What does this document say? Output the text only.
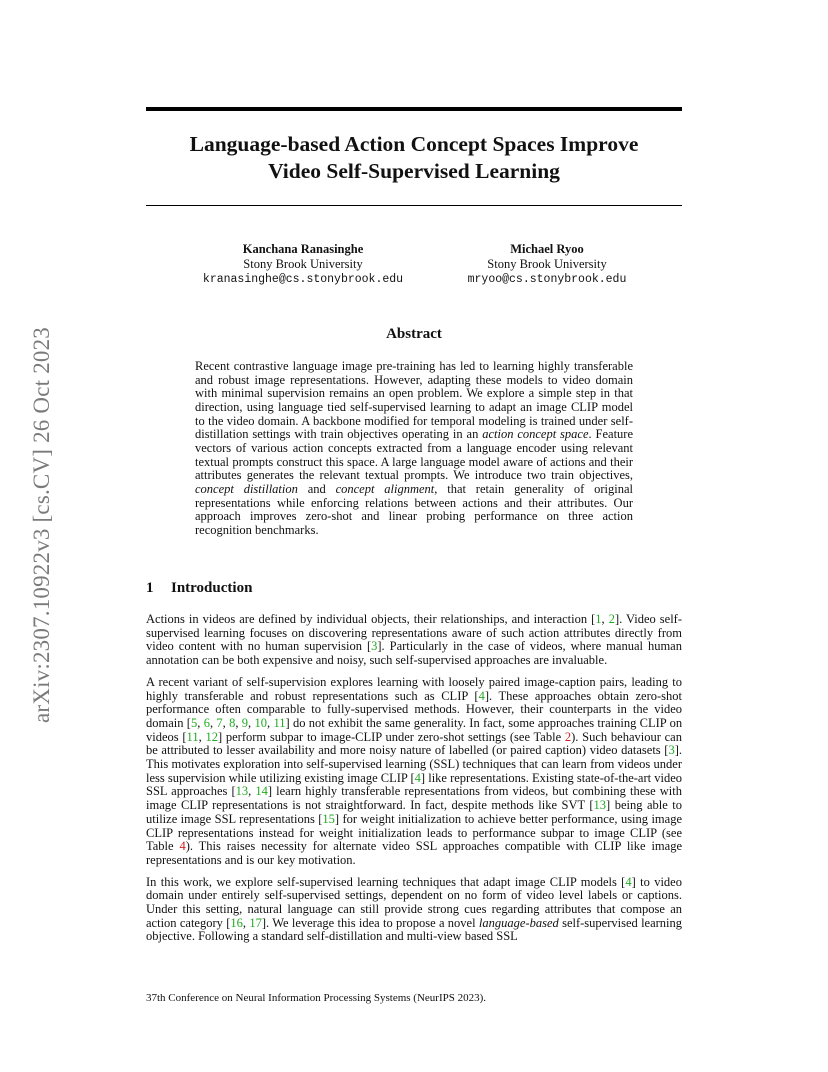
arXiv:2307.10922v3 [cs.CV] 26 Oct 2023
Language-based Action Concept Spaces Improve
Video Self-Supervised Learning
Kanchana Ranasinghe
Stony Brook University
kranasinghe@cs.stonybrook.edu
Michael Ryoo
Stony Brook University
mryoo@cs.stonybrook.edu
Abstract
Recent contrastive language image pre-training has led to learning highly transferable and robust image representations. However, adapting these models to video domain with minimal supervision remains an open problem. We explore a simple step in that direction, using language tied self-supervised learning to adapt an image CLIP model to the video domain. A backbone modified for temporal modeling is trained under self-distillation settings with train objectives operating in an action concept space. Feature vectors of various action concepts extracted from a language encoder using relevant textual prompts construct this space. A large language model aware of actions and their attributes generates the relevant textual prompts. We introduce two train objectives, concept distillation and concept alignment, that retain generality of original representations while enforcing relations between actions and their attributes. Our approach improves zero-shot and linear probing performance on three action recognition benchmarks.
1 Introduction

Actions in videos are defined by individual objects, their relationships, and interaction [1, 2]. Video self-supervised learning focuses on discovering representations aware of such action attributes directly from video content with no human supervision [3]. Particularly in the case of videos, where manual human annotation can be both expensive and noisy, such self-supervised approaches are invaluable.

A recent variant of self-supervision explores learning with loosely paired image-caption pairs, leading to highly transferable and robust representations such as CLIP [4]. These approaches obtain zero-shot performance often comparable to fully-supervised methods. However, their counterparts in the video domain [5, 6, 7, 8, 9, 10, 11] do not exhibit the same generality. In fact, some approaches training CLIP on videos [11, 12] perform subpar to image-CLIP under zero-shot settings (see Table 2). Such behaviour can be attributed to lesser availability and more noisy nature of labelled (or paired caption) video datasets [3]. This motivates exploration into self-supervised learning (SSL) techniques that can learn from videos under less supervision while utilizing existing image CLIP [4] like representations. Existing state-of-the-art video SSL approaches [13, 14] learn highly transferable representations from videos, but combining these with image CLIP representations is not straightforward. In fact, despite methods like SVT [13] being able to utilize image SSL representations [15] for weight initialization to achieve better performance, using image CLIP representations instead for weight initialization leads to performance subpar to image CLIP (see Table 4). This raises necessity for alternate video SSL approaches compatible with CLIP like image representations and is our key motivation.

In this work, we explore self-supervised learning techniques that adapt image CLIP models [4] to video domain under entirely self-supervised settings, dependent on no form of video level labels or captions. Under this setting, natural language can still provide strong cues regarding attributes that compose an action category [16, 17]. We leverage this idea to propose a novel language-based self-supervised learning objective. Following a standard self-distillation and multi-view based SSL

37th Conference on Neural Information Processing Systems (NeurIPS 2023).
